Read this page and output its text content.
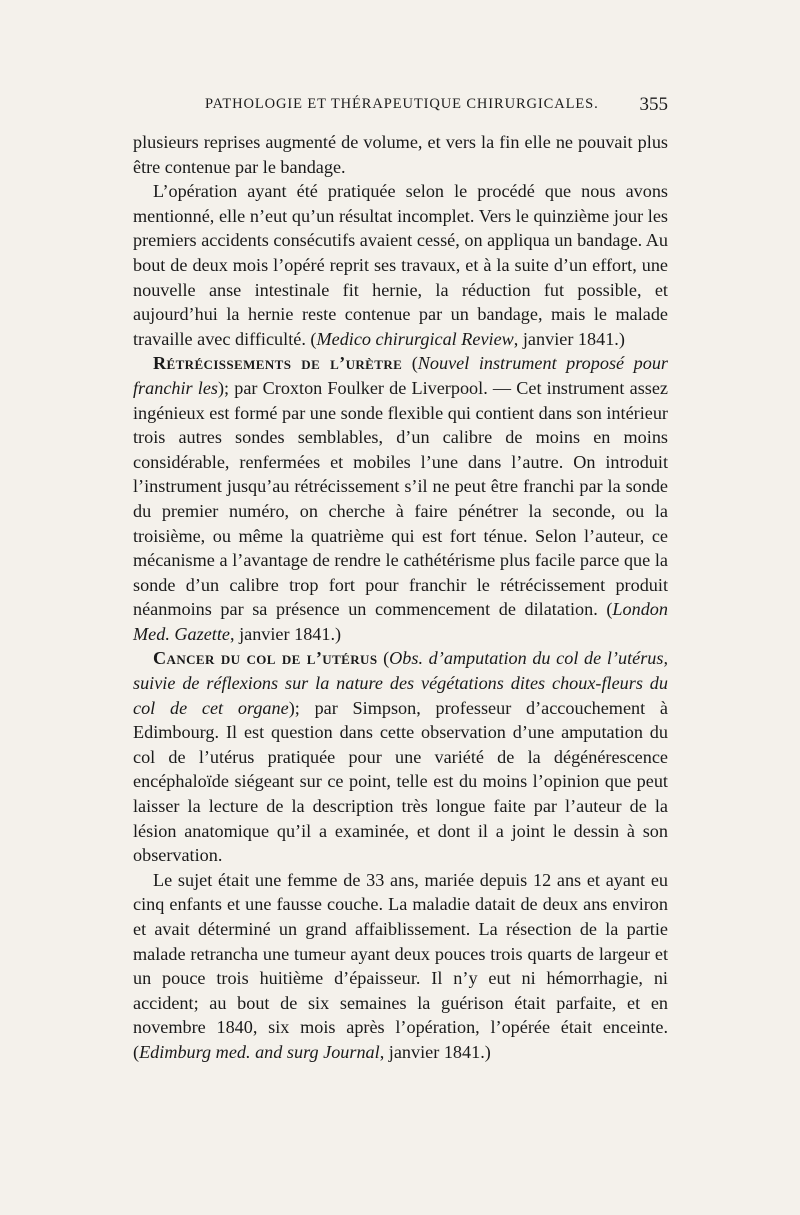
PATHOLOGIE ET THÉRAPEUTIQUE CHIRURGICALES. 355

plusieurs reprises augmenté de volume, et vers la fin elle ne pouvait plus être contenue par le bandage.

L’opération ayant été pratiquée selon le procédé que nous avons mentionné, elle n’eut qu’un résultat incomplet. Vers le quinzième jour les premiers accidents consécutifs avaient cessé, on appliqua un bandage. Au bout de deux mois l’opéré reprit ses travaux, et à la suite d’un effort, une nouvelle anse intestinale fit hernie, la réduction fut possible, et aujourd’hui la hernie reste contenue par un bandage, mais le malade travaille avec difficulté. (Medico chirurgical Review, janvier 1841.)

Rétrécissements de l’urètre (Nouvel instrument proposé pour franchir les); par Croxton Foulker de Liverpool. — Cet instrument assez ingénieux est formé par une sonde flexible qui contient dans son intérieur trois autres sondes semblables, d’un calibre de moins en moins considérable, renfermées et mobiles l’une dans l’autre. On introduit l’instrument jusqu’au rétrécissement s’il ne peut être franchi par la sonde du premier numéro, on cherche à faire pénétrer la seconde, ou la troisième, ou même la quatrième qui est fort ténue. Selon l’auteur, ce mécanisme a l’avantage de rendre le cathétérisme plus facile parce que la sonde d’un calibre trop fort pour franchir le rétrécissement produit néanmoins par sa présence un commencement de dilatation. (London Med. Gazette, janvier 1841.)

Cancer du col de l’utérus (Obs. d’amputation du col de l’utérus, suivie de réflexions sur la nature des végétations dites choux-fleurs du col de cet organe); par Simpson, professeur d’accouchement à Edimbourg. Il est question dans cette observation d’une amputation du col de l’utérus pratiquée pour une variété de la dégénérescence encéphaloïde siégeant sur ce point, telle est du moins l’opinion que peut laisser la lecture de la description très longue faite par l’auteur de la lésion anatomique qu’il a examinée, et dont il a joint le dessin à son observation.

Le sujet était une femme de 33 ans, mariée depuis 12 ans et ayant eu cinq enfants et une fausse couche. La maladie datait de deux ans environ et avait déterminé un grand affaiblissement. La résection de la partie malade retrancha une tumeur ayant deux pouces trois quarts de largeur et un pouce trois huitième d’épaisseur. Il n’y eut ni hémorrhagie, ni accident; au bout de six semaines la guérison était parfaite, et en novembre 1840, six mois après l’opération, l’opérée était enceinte. (Edimburg med. and surg Journal, janvier 1841.)
